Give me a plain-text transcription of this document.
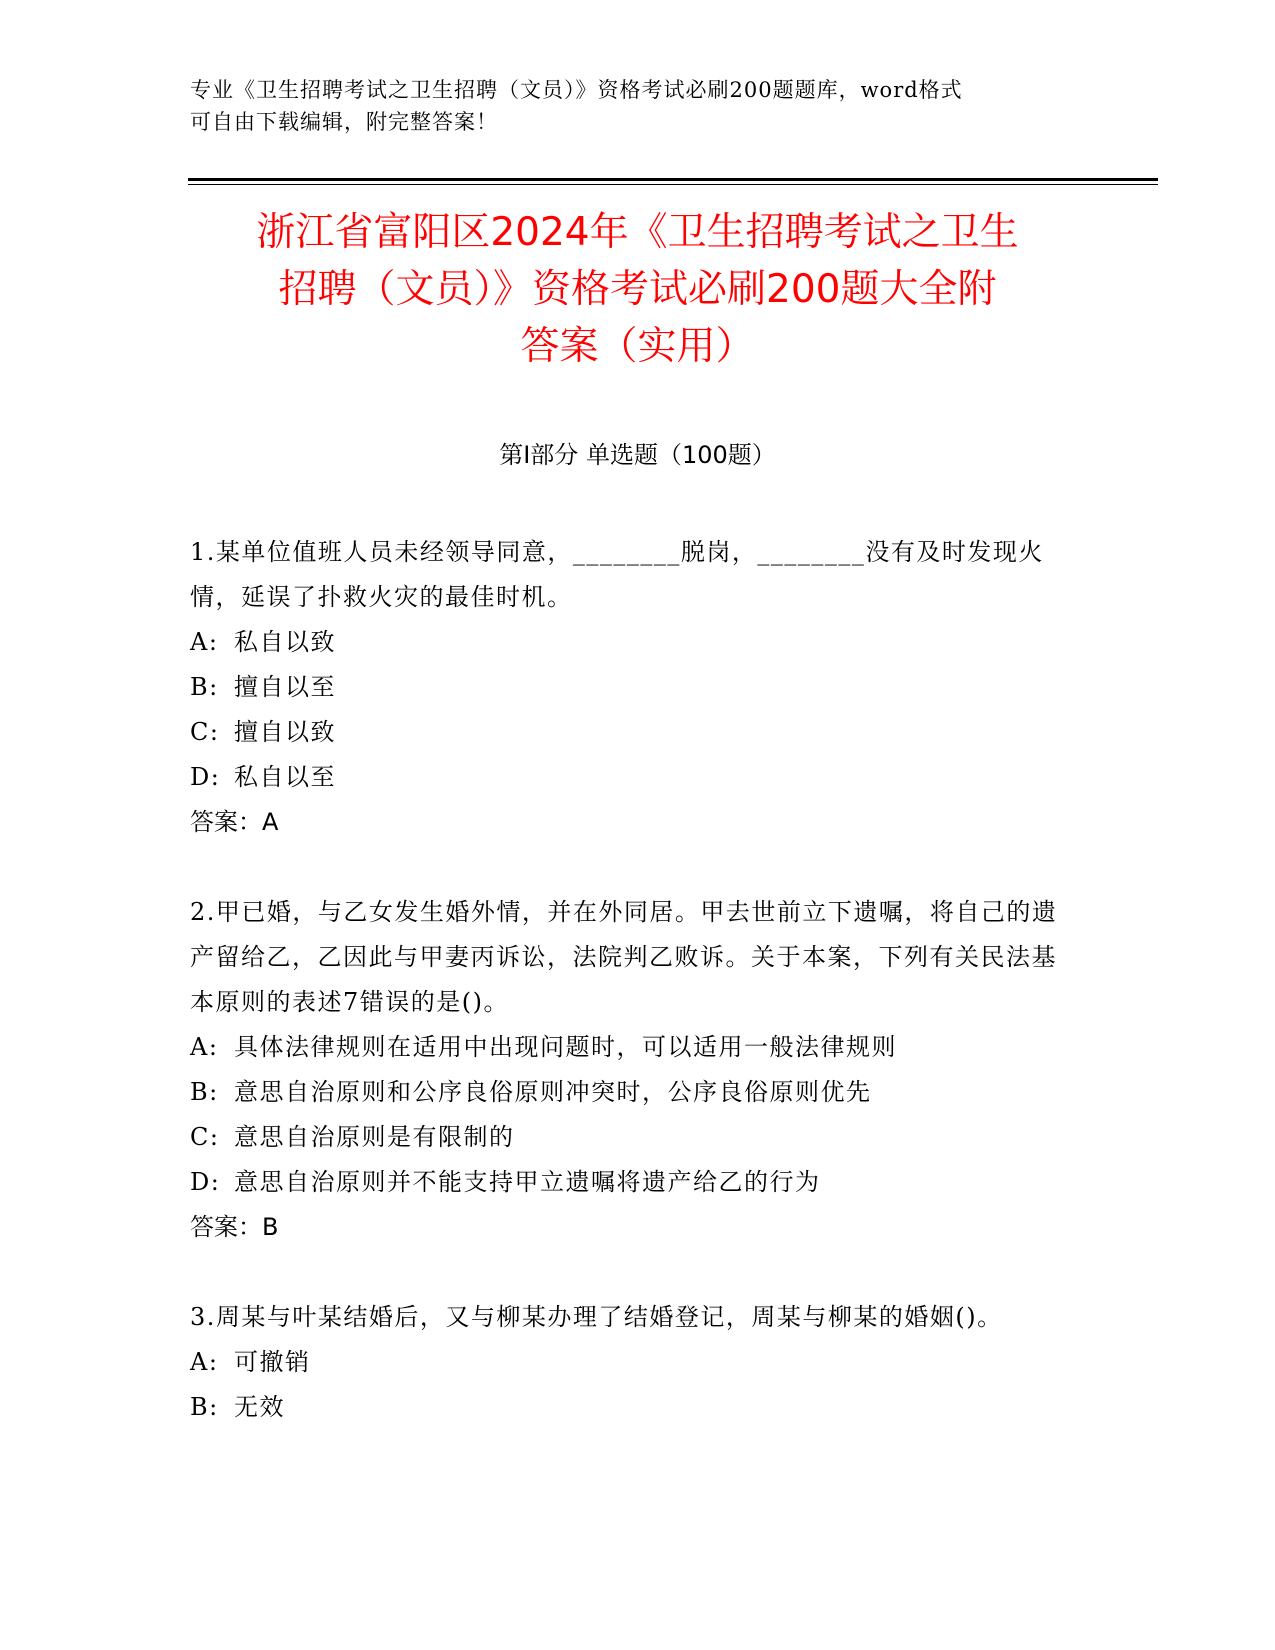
专业《卫生招聘考试之卫生招聘（文员）》资格考试必刷200题题库，word格式
可自由下载编辑，附完整答案！
浙江省富阳区2024年《卫生招聘考试之卫生
招聘（文员）》资格考试必刷200题大全附
答案（实用）
第I部分 单选题（100题）
1.某单位值班人员未经领导同意，________脱岗，________没有及时发现火情，延误了扑救火灾的最佳时机。
A: 私自以致
B: 擅自以至
C: 擅自以致
D: 私自以至
答案：A
2.甲已婚，与乙女发生婚外情，并在外同居。甲去世前立下遗嘱，将自己的遗产留给乙，乙因此与甲妻丙诉讼，法院判乙败诉。关于本案，下列有关民法基本原则的表述7错误的是()。
A: 具体法律规则在适用中出现问题时，可以适用一般法律规则
B: 意思自治原则和公序良俗原则冲突时，公序良俗原则优先
C: 意思自治原则是有限制的
D: 意思自治原则并不能支持甲立遗嘱将遗产给乙的行为
答案：B
3.周某与叶某结婚后，又与柳某办理了结婚登记，周某与柳某的婚姻()。
A: 可撤销
B: 无效
